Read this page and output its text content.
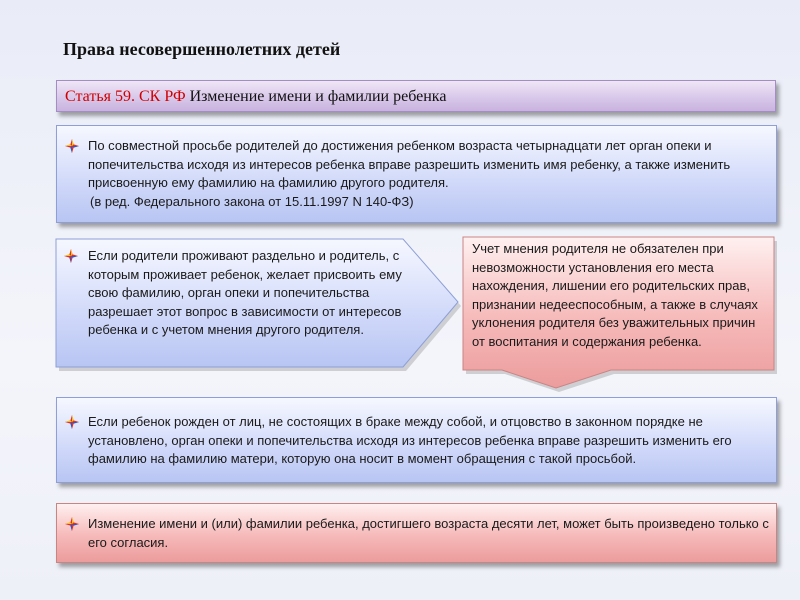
Права несовершеннолетних детей
Статья 59. СК РФ Изменение имени и фамилии ребенка
По совместной просьбе родителей до достижения ребенком возраста четырнадцати лет орган опеки и попечительства исходя из интересов ребенка вправе разрешить изменить имя ребенку, а также изменить присвоенную ему фамилию на фамилию другого родителя.
(в ред. Федерального закона от 15.11.1997 N 140-ФЗ)
Если родители проживают раздельно и родитель, с которым проживает ребенок, желает присвоить ему свою фамилию, орган опеки и попечительства разрешает этот вопрос в зависимости от интересов ребенка и с учетом мнения другого родителя.
Учет мнения родителя не обязателен при невозможности установления его места нахождения, лишении его родительских прав, признании недееспособным, а также в случаях уклонения родителя без уважительных причин от воспитания и содержания ребенка.
Если ребенок рожден от лиц, не состоящих в браке между собой, и отцовство в законном порядке не установлено, орган опеки и попечительства исходя из интересов ребенка вправе разрешить изменить его фамилию на фамилию матери, которую она носит в момент обращения с такой просьбой.
Изменение имени и (или) фамилии ребенка, достигшего возраста десяти лет, может быть произведено только с его согласия.
